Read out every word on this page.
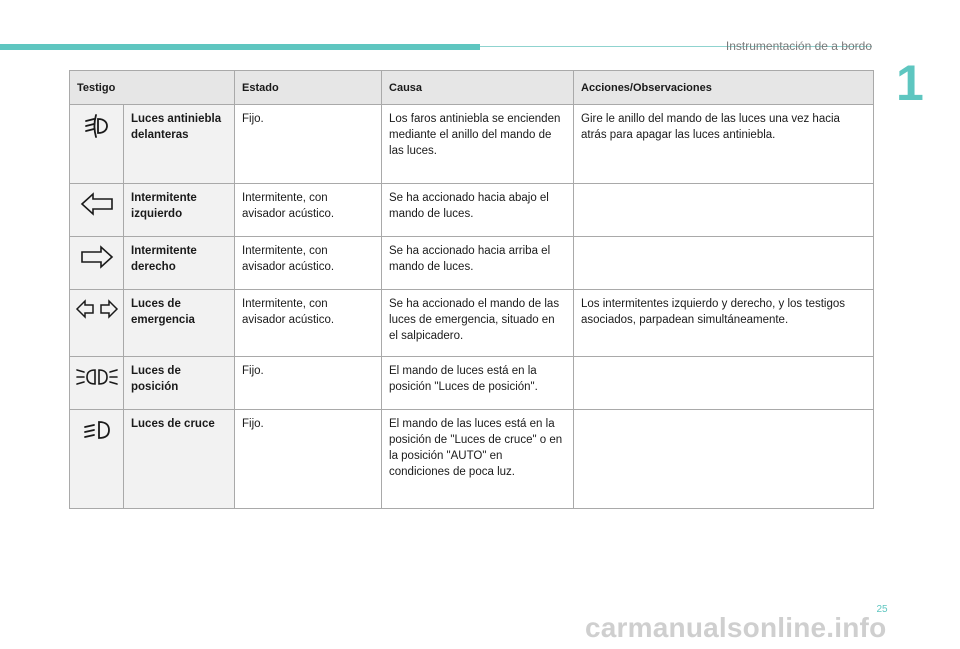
Instrumentación de a bordo
1
Testigo		Estado	Causa	Acciones/Observaciones
	Luces antiniebla delanteras	Fijo.	Los faros antiniebla se encienden mediante el anillo del mando de las luces.	Gire le anillo del mando de las luces una vez hacia atrás para apagar las luces antiniebla.
	Intermitente izquierdo	Intermitente, con avisador acústico.	Se ha accionado hacia abajo el mando de luces.	
	Intermitente derecho	Intermitente, con avisador acústico.	Se ha accionado hacia arriba el mando de luces.	
	Luces de emergencia	Intermitente, con avisador acústico.	Se ha accionado el mando de las luces de emergencia, situado en el salpicadero.	Los intermitentes izquierdo y derecho, y los testigos asociados, parpadean simultáneamente.
	Luces de posición	Fijo.	El mando de luces está en la posición "Luces de posición".	
	Luces de cruce	Fijo.	El mando de las luces está en la posición de "Luces de cruce" o en la posición "AUTO" en condiciones de poca luz.	
25
carmanualsonline.info
